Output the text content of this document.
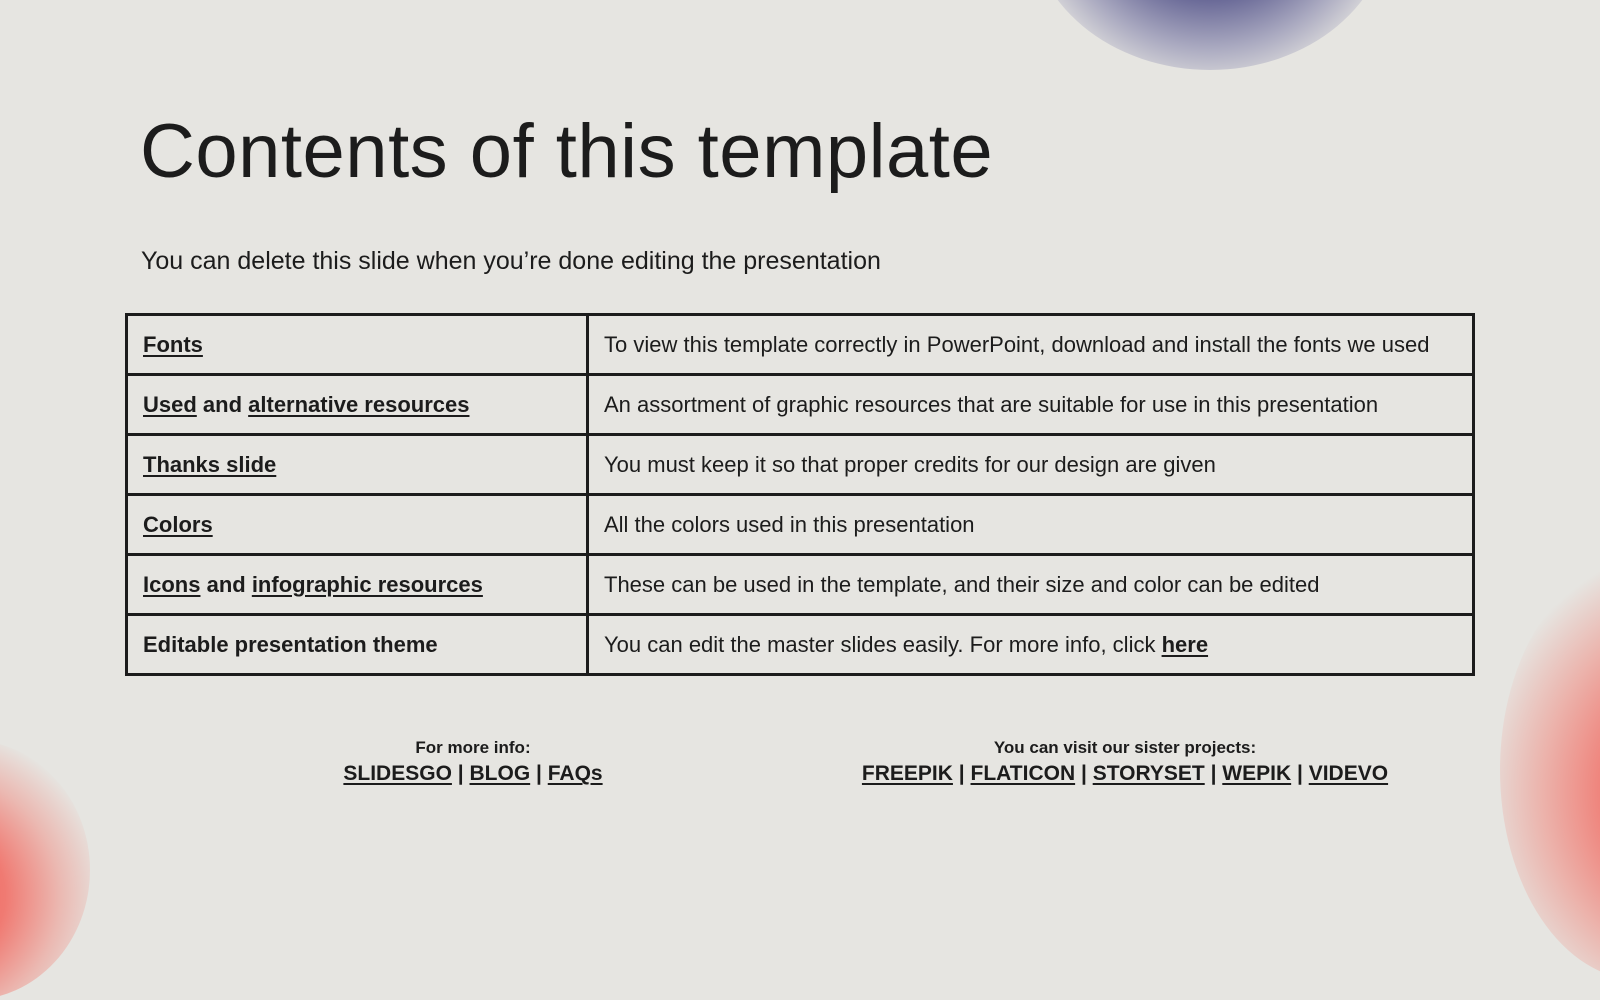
Contents of this template

You can delete this slide when you’re done editing the presentation

Fonts	To view this template correctly in PowerPoint, download and install the fonts we used
Used and alternative resources	An assortment of graphic resources that are suitable for use in this presentation
Thanks slide	You must keep it so that proper credits for our design are given
Colors	All the colors used in this presentation
Icons and infographic resources	These can be used in the template, and their size and color can be edited
Editable presentation theme	You can edit the master slides easily. For more info, click here
For more info:
SLIDESGO | BLOG | FAQs
You can visit our sister projects:
FREEPIK | FLATICON | STORYSET | WEPIK | VIDEVO
